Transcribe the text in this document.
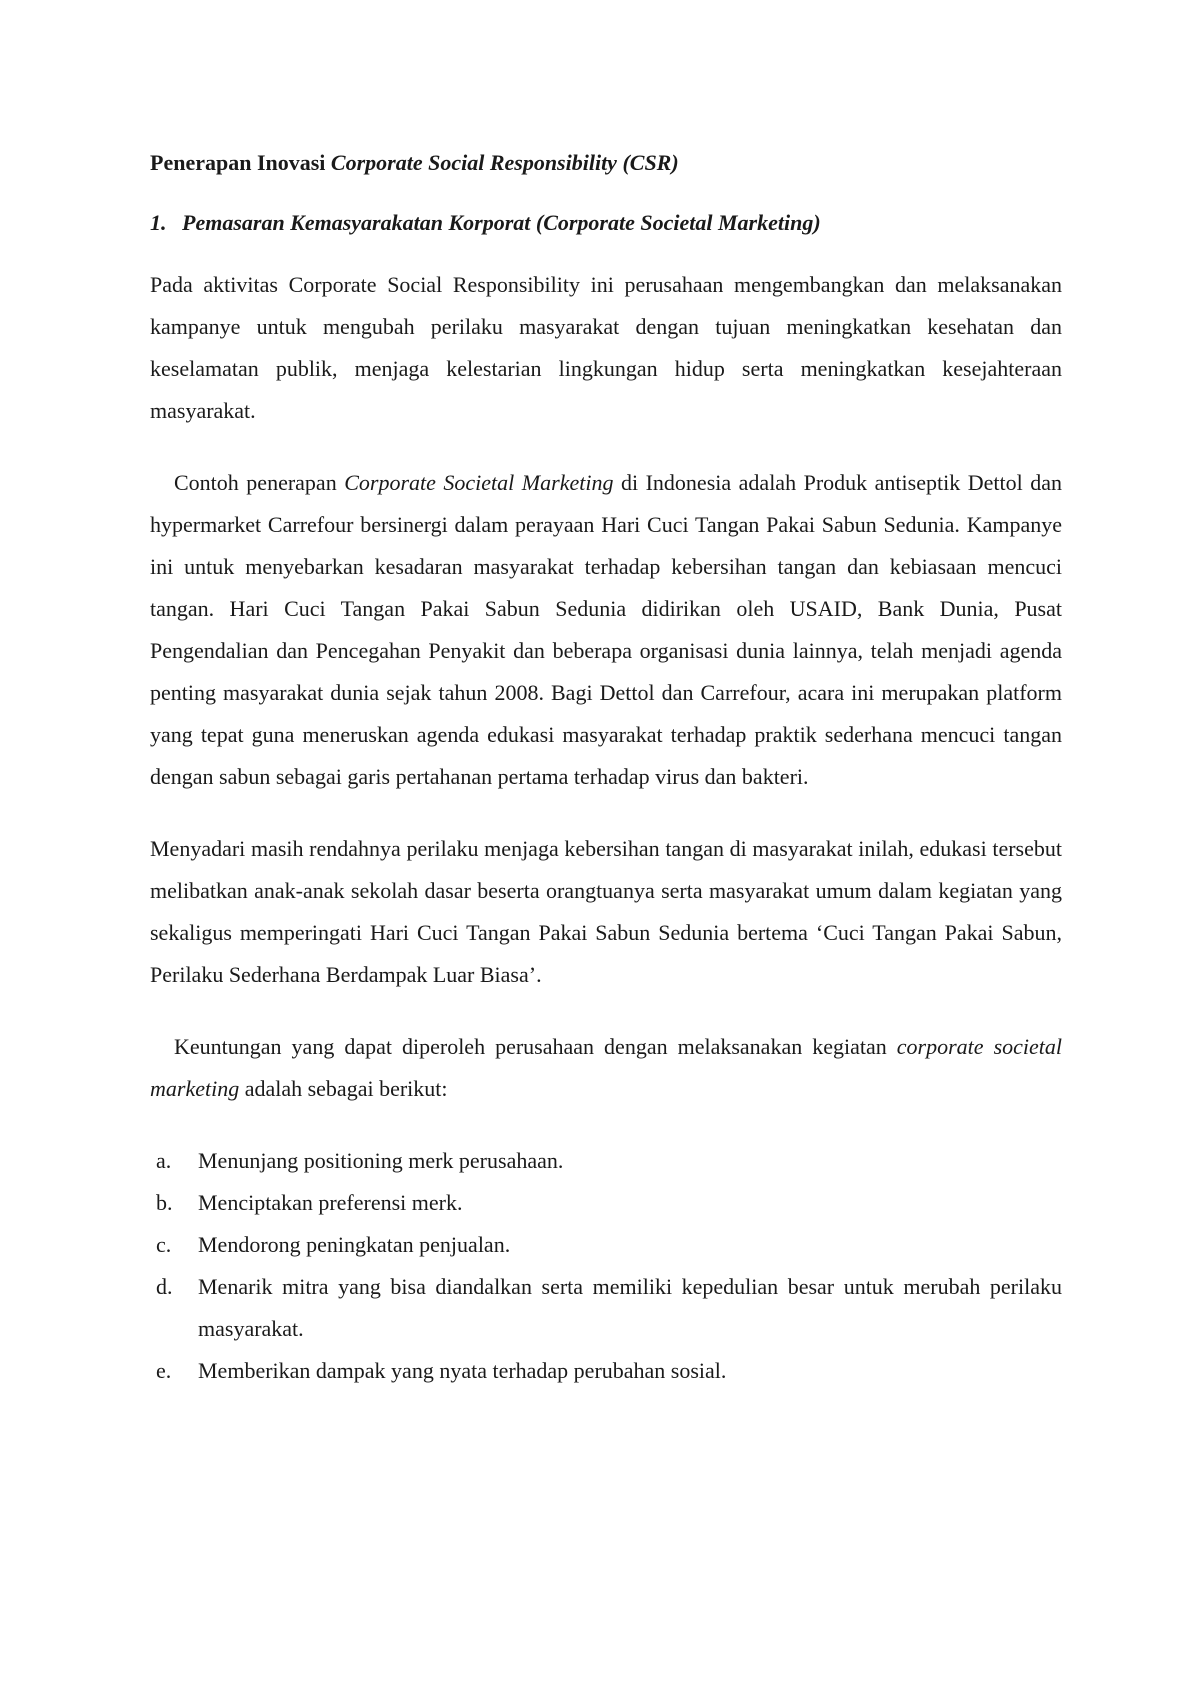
Penerapan Inovasi Corporate Social Responsibility (CSR)
1. Pemasaran Kemasyarakatan Korporat (Corporate Societal Marketing)

Pada aktivitas Corporate Social Responsibility ini perusahaan mengembangkan dan melaksanakan kampanye untuk mengubah perilaku masyarakat dengan tujuan meningkatkan kesehatan dan keselamatan publik, menjaga kelestarian lingkungan hidup serta meningkatkan kesejahteraan masyarakat.

Contoh penerapan Corporate Societal Marketing di Indonesia adalah Produk antiseptik Dettol dan hypermarket Carrefour bersinergi dalam perayaan Hari Cuci Tangan Pakai Sabun Sedunia. Kampanye ini untuk menyebarkan kesadaran masyarakat terhadap kebersihan tangan dan kebiasaan mencuci tangan. Hari Cuci Tangan Pakai Sabun Sedunia didirikan oleh USAID, Bank Dunia, Pusat Pengendalian dan Pencegahan Penyakit dan beberapa organisasi dunia lainnya, telah menjadi agenda penting masyarakat dunia sejak tahun 2008. Bagi Dettol dan Carrefour, acara ini merupakan platform yang tepat guna meneruskan agenda edukasi masyarakat terhadap praktik sederhana mencuci tangan dengan sabun sebagai garis pertahanan pertama terhadap virus dan bakteri.

Menyadari masih rendahnya perilaku menjaga kebersihan tangan di masyarakat inilah, edukasi tersebut melibatkan anak-anak sekolah dasar beserta orangtuanya serta masyarakat umum dalam kegiatan yang sekaligus memperingati Hari Cuci Tangan Pakai Sabun Sedunia bertema ‘Cuci Tangan Pakai Sabun, Perilaku Sederhana Berdampak Luar Biasa’.

Keuntungan yang dapat diperoleh perusahaan dengan melaksanakan kegiatan corporate societal marketing adalah sebagai berikut:

a.	Menunjang positioning merk perusahaan.
b.	Menciptakan preferensi merk.
c.	Mendorong peningkatan penjualan.
d.	Menarik mitra yang bisa diandalkan serta memiliki kepedulian besar untuk merubah perilaku masyarakat.
e.	Memberikan dampak yang nyata terhadap perubahan sosial.
